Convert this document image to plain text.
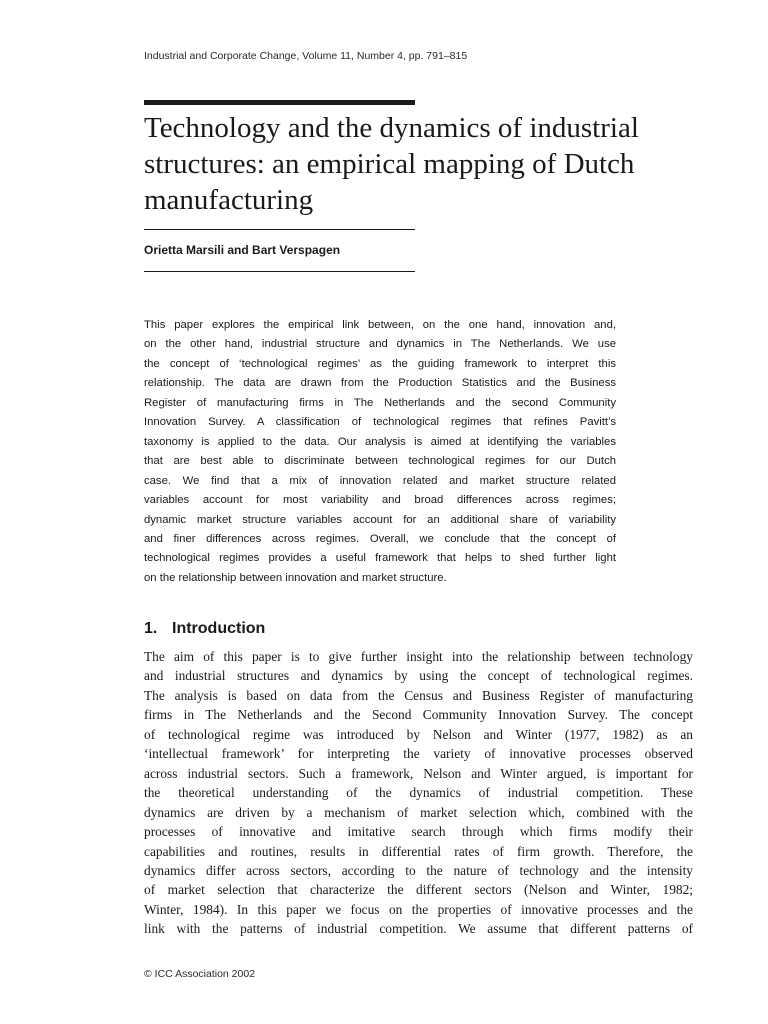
Industrial and Corporate Change, Volume 11, Number 4, pp. 791–815
Technology and the dynamics of industrial
structures: an empirical mapping of Dutch
manufacturing
Orietta Marsili and Bart Verspagen
This paper explores the empirical link between, on the one hand, innovation and,
on the other hand, industrial structure and dynamics in The Netherlands. We use
the concept of ‘technological regimes’ as the guiding framework to interpret this
relationship. The data are drawn from the Production Statistics and the Business
Register of manufacturing firms in The Netherlands and the second Community
Innovation Survey. A classification of technological regimes that refines Pavitt’s
taxonomy is applied to the data. Our analysis is aimed at identifying the variables
that are best able to discriminate between technological regimes for our Dutch
case. We find that a mix of innovation related and market structure related
variables account for most variability and broad differences across regimes;
dynamic market structure variables account for an additional share of variability
and finer differences across regimes. Overall, we conclude that the concept of
technological regimes provides a useful framework that helps to shed further light
on the relationship between innovation and market structure.
1. Introduction
The aim of this paper is to give further insight into the relationship between technology
and industrial structures and dynamics by using the concept of technological regimes.
The analysis is based on data from the Census and Business Register of manufacturing
firms in The Netherlands and the Second Community Innovation Survey. The concept
of technological regime was introduced by Nelson and Winter (1977, 1982) as an
‘intellectual framework’ for interpreting the variety of innovative processes observed
across industrial sectors. Such a framework, Nelson and Winter argued, is important for
the theoretical understanding of the dynamics of industrial competition. These
dynamics are driven by a mechanism of market selection which, combined with the
processes of innovative and imitative search through which firms modify their
capabilities and routines, results in differential rates of firm growth. Therefore, the
dynamics differ across sectors, according to the nature of technology and the intensity
of market selection that characterize the different sectors (Nelson and Winter, 1982;
Winter, 1984). In this paper we focus on the properties of innovative processes and the
link with the patterns of industrial competition. We assume that different patterns of
© ICC Association 2002
